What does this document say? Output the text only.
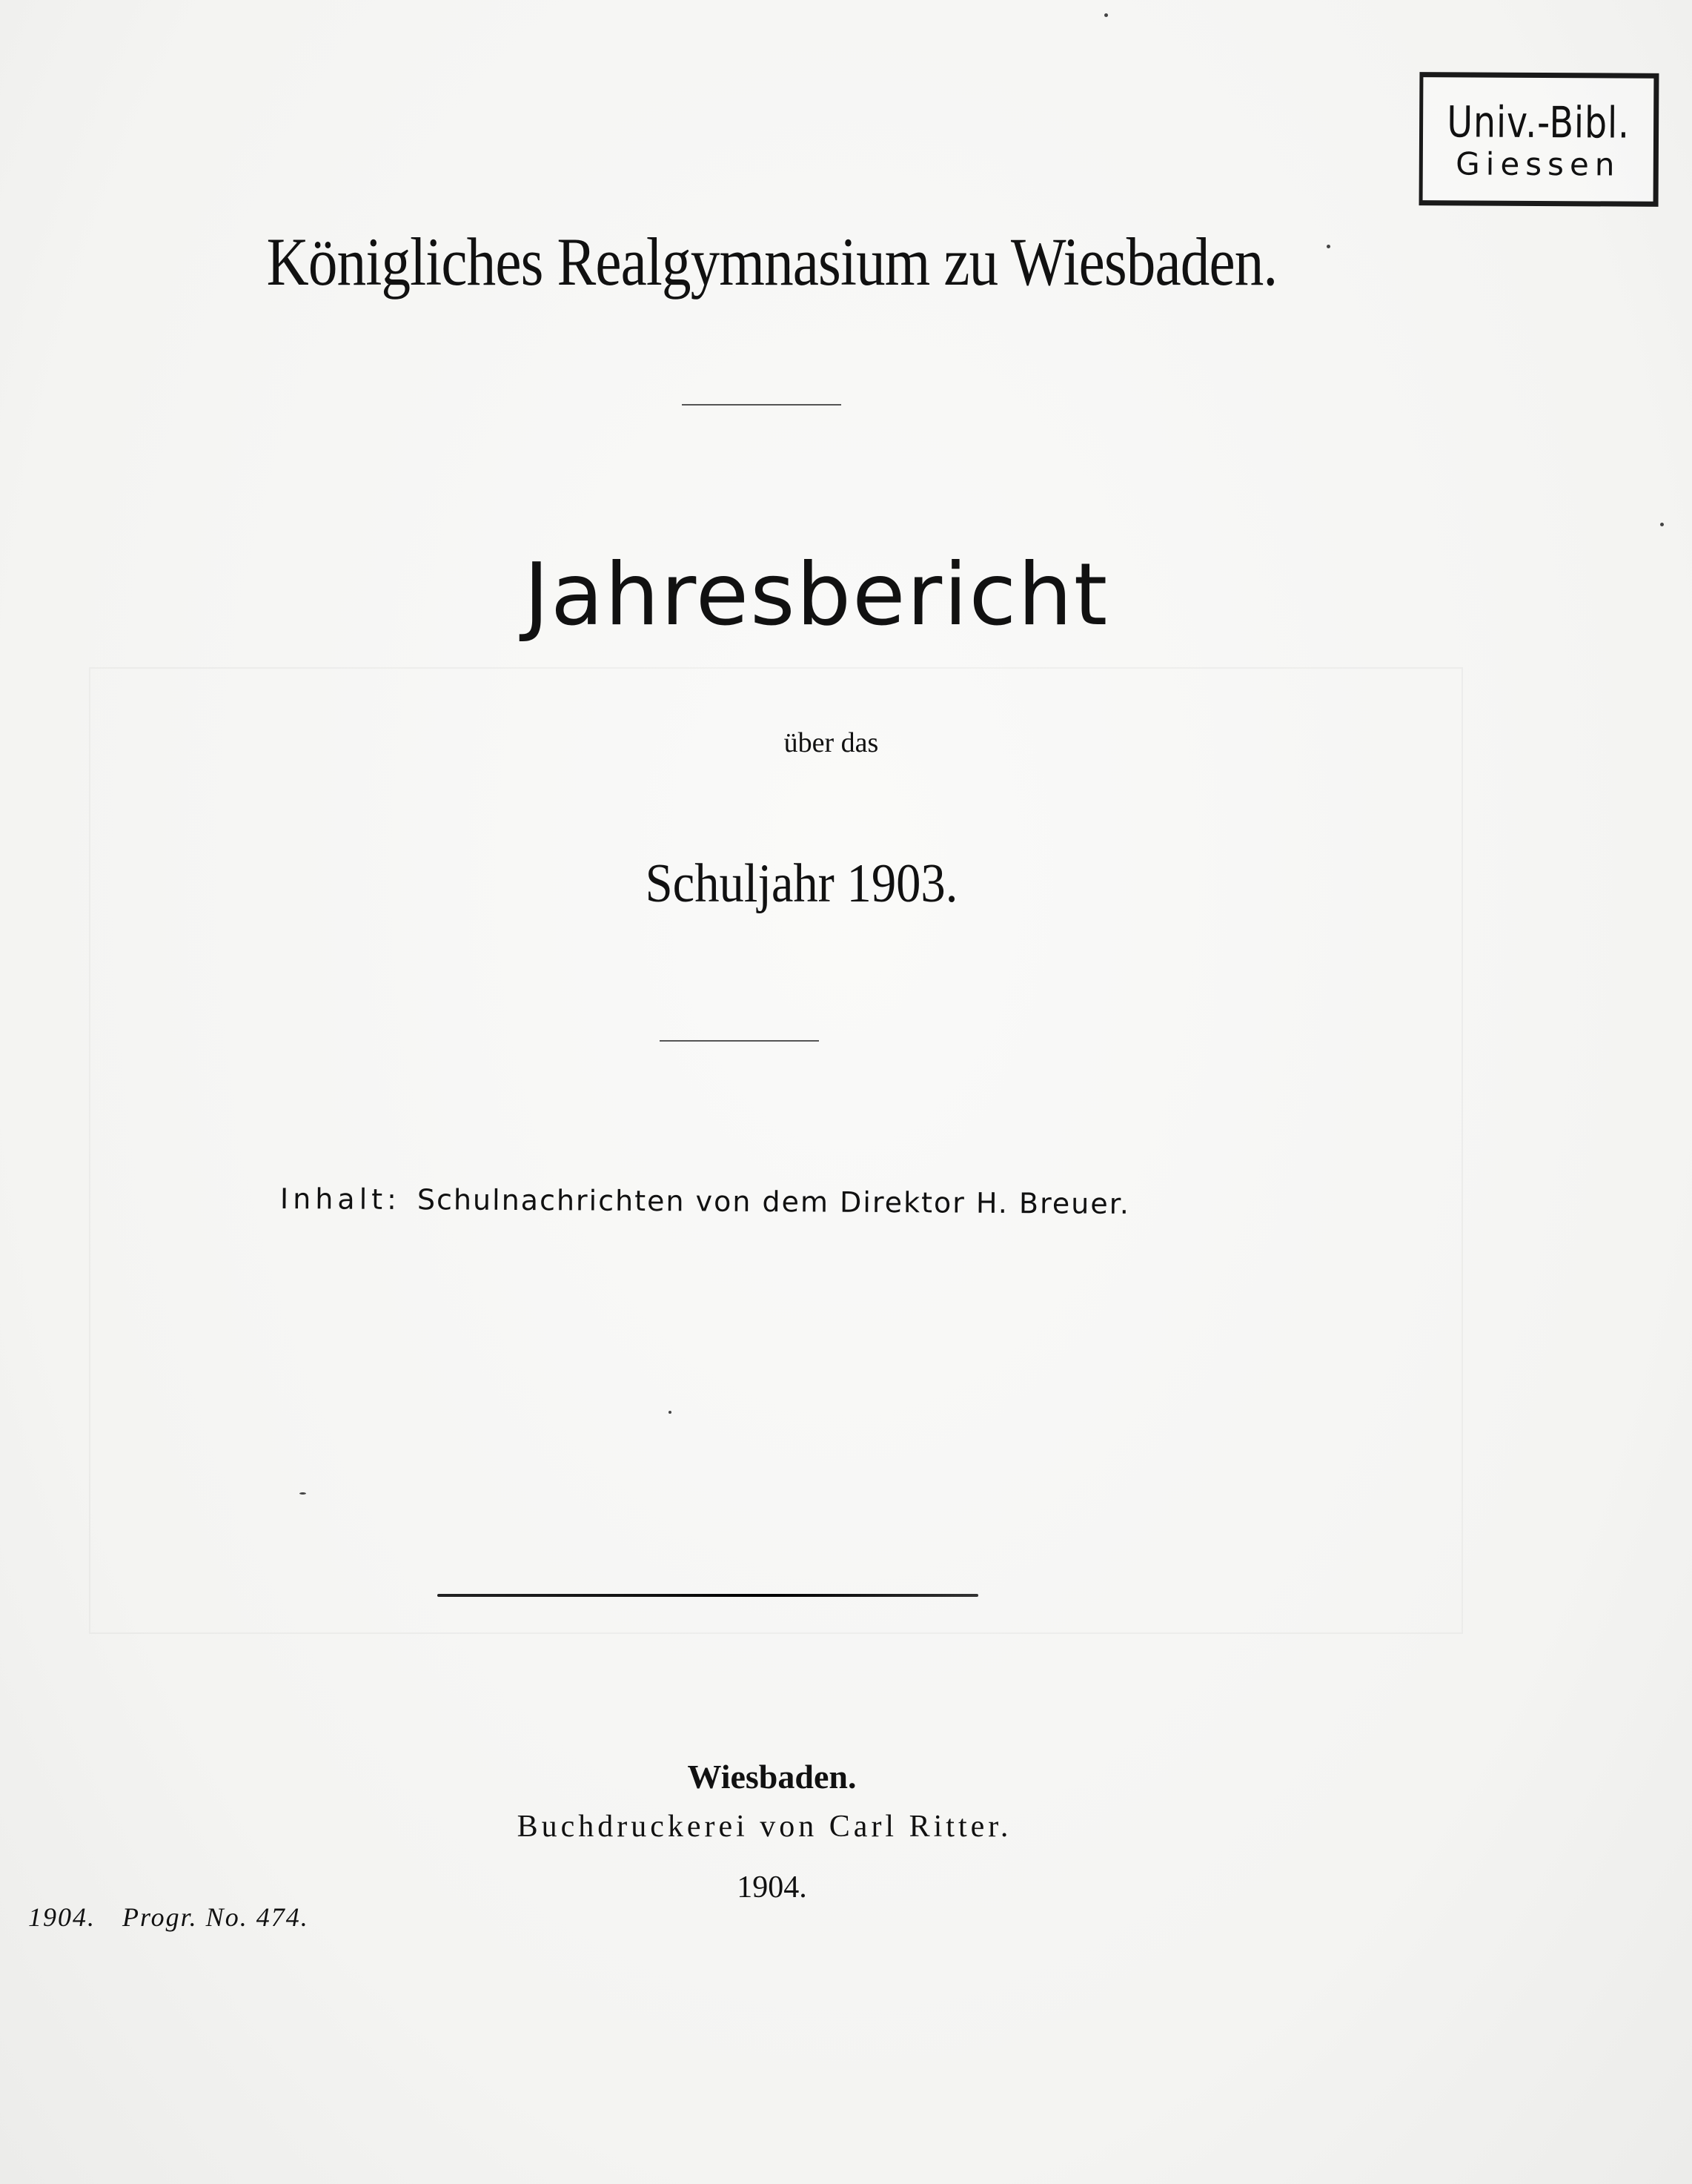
Univ.-Bibl.
Giessen
Königliches Realgymnasium zu Wiesbaden.
Jahresbericht
über das
Schuljahr 1903.
Inhalt: Schulnachrichten von dem Direktor H. Breuer.
Wiesbaden.
Buchdruckerei von Carl Ritter.
1904.
1904. Progr. No. 474.
